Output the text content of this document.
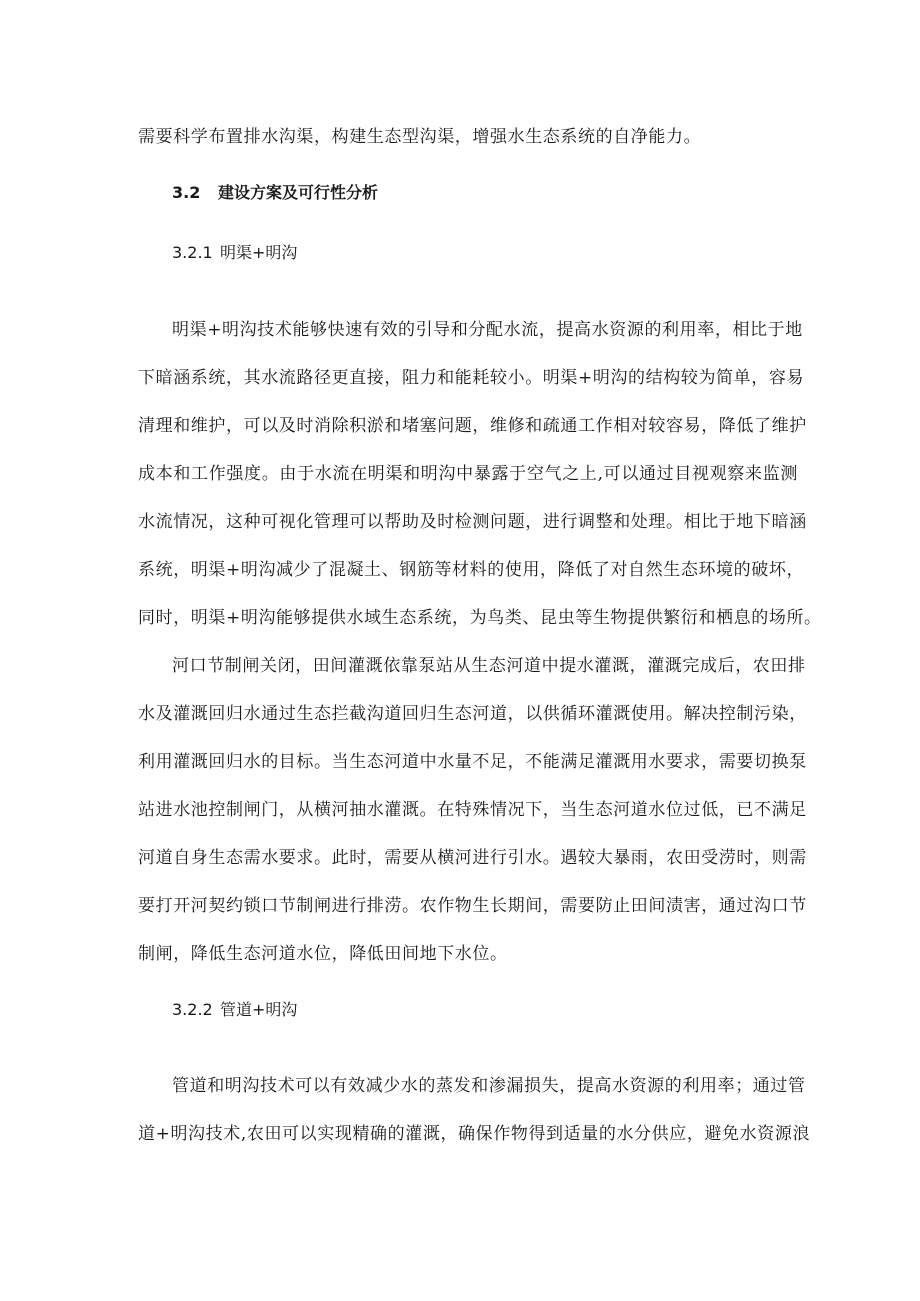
需要科学布置排水沟渠，构建生态型沟渠，增强水生态系统的自净能力。
3.2 建设方案及可行性分析
3.2.1 明渠+明沟
明渠+明沟技术能够快速有效的引导和分配水流，提高水资源的利用率，相比于地
下暗涵系统，其水流路径更直接，阻力和能耗较小。明渠+明沟的结构较为简单，容易
清理和维护，可以及时消除积淤和堵塞问题，维修和疏通工作相对较容易，降低了维护
成本和工作强度。由于水流在明渠和明沟中暴露于空气之上,可以通过目视观察来监测
水流情况，这种可视化管理可以帮助及时检测问题，进行调整和处理。相比于地下暗涵
系统，明渠+明沟减少了混凝土、钢筋等材料的使用，降低了对自然生态环境的破坏，
同时，明渠+明沟能够提供水域生态系统，为鸟类、昆虫等生物提供繁衍和栖息的场所。
河口节制闸关闭，田间灌溉依靠泵站从生态河道中提水灌溉，灌溉完成后，农田排
水及灌溉回归水通过生态拦截沟道回归生态河道，以供循环灌溉使用。解决控制污染，
利用灌溉回归水的目标。当生态河道中水量不足，不能满足灌溉用水要求，需要切换泵
站进水池控制闸门，从横河抽水灌溉。在特殊情况下，当生态河道水位过低，已不满足
河道自身生态需水要求。此时，需要从横河进行引水。遇较大暴雨，农田受涝时，则需
要打开河契约锁口节制闸进行排涝。农作物生长期间，需要防止田间渍害，通过沟口节
制闸，降低生态河道水位，降低田间地下水位。
3.2.2 管道+明沟
管道和明沟技术可以有效减少水的蒸发和渗漏损失，提高水资源的利用率；通过管
道+明沟技术,农田可以实现精确的灌溉，确保作物得到适量的水分供应，避免水资源浪
